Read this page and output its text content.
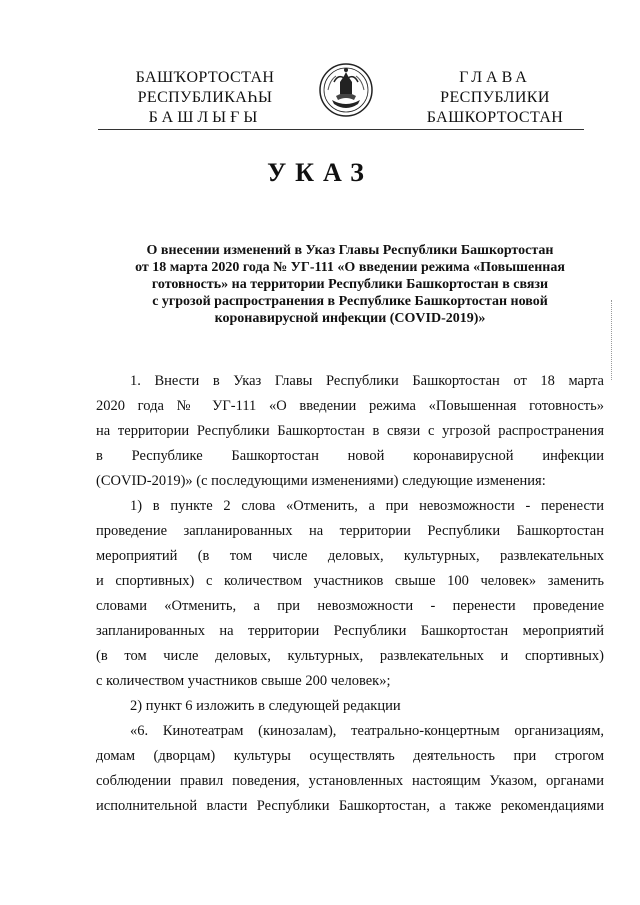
БАШҠОРТОСТАН
РЕСПУБЛИКАҺЫ
БАШЛЫҒЫ
ГЛАВА
РЕСПУБЛИКИ
БАШКОРТОСТАН
УКАЗ
О внесении изменений в Указ Главы Республики Башкортостан
от 18 марта 2020 года № УГ-111 «О введении режима «Повышенная
готовность» на территории Республики Башкортостан в связи
с угрозой распространения в Республике Башкортостан новой
коронавирусной инфекции (COVID-2019)»
1. Внести в Указ Главы Республики Башкортостан от 18 марта
2020 года № УГ-111 «О введении режима «Повышенная готовность»
на территории Республики Башкортостан в связи с угрозой распространения
в Республике Башкортостан новой коронавирусной инфекции
(COVID-2019)» (с последующими изменениями) следующие изменения:
1) в пункте 2 слова «Отменить, а при невозможности - перенести
проведение запланированных на территории Республики Башкортостан
мероприятий (в том числе деловых, культурных, развлекательных
и спортивных) с количеством участников свыше 100 человек» заменить
словами «Отменить, а при невозможности - перенести проведение
запланированных на территории Республики Башкортостан мероприятий
(в том числе деловых, культурных, развлекательных и спортивных)
с количеством участников свыше 200 человек»;
2) пункт 6 изложить в следующей редакции
«6. Кинотеатрам (кинозалам), театрально-концертным организациям,
домам (дворцам) культуры осуществлять деятельность при строгом
соблюдении правил поведения, установленных настоящим Указом, органами
исполнительной власти Республики Башкортостан, а также рекомендациями
